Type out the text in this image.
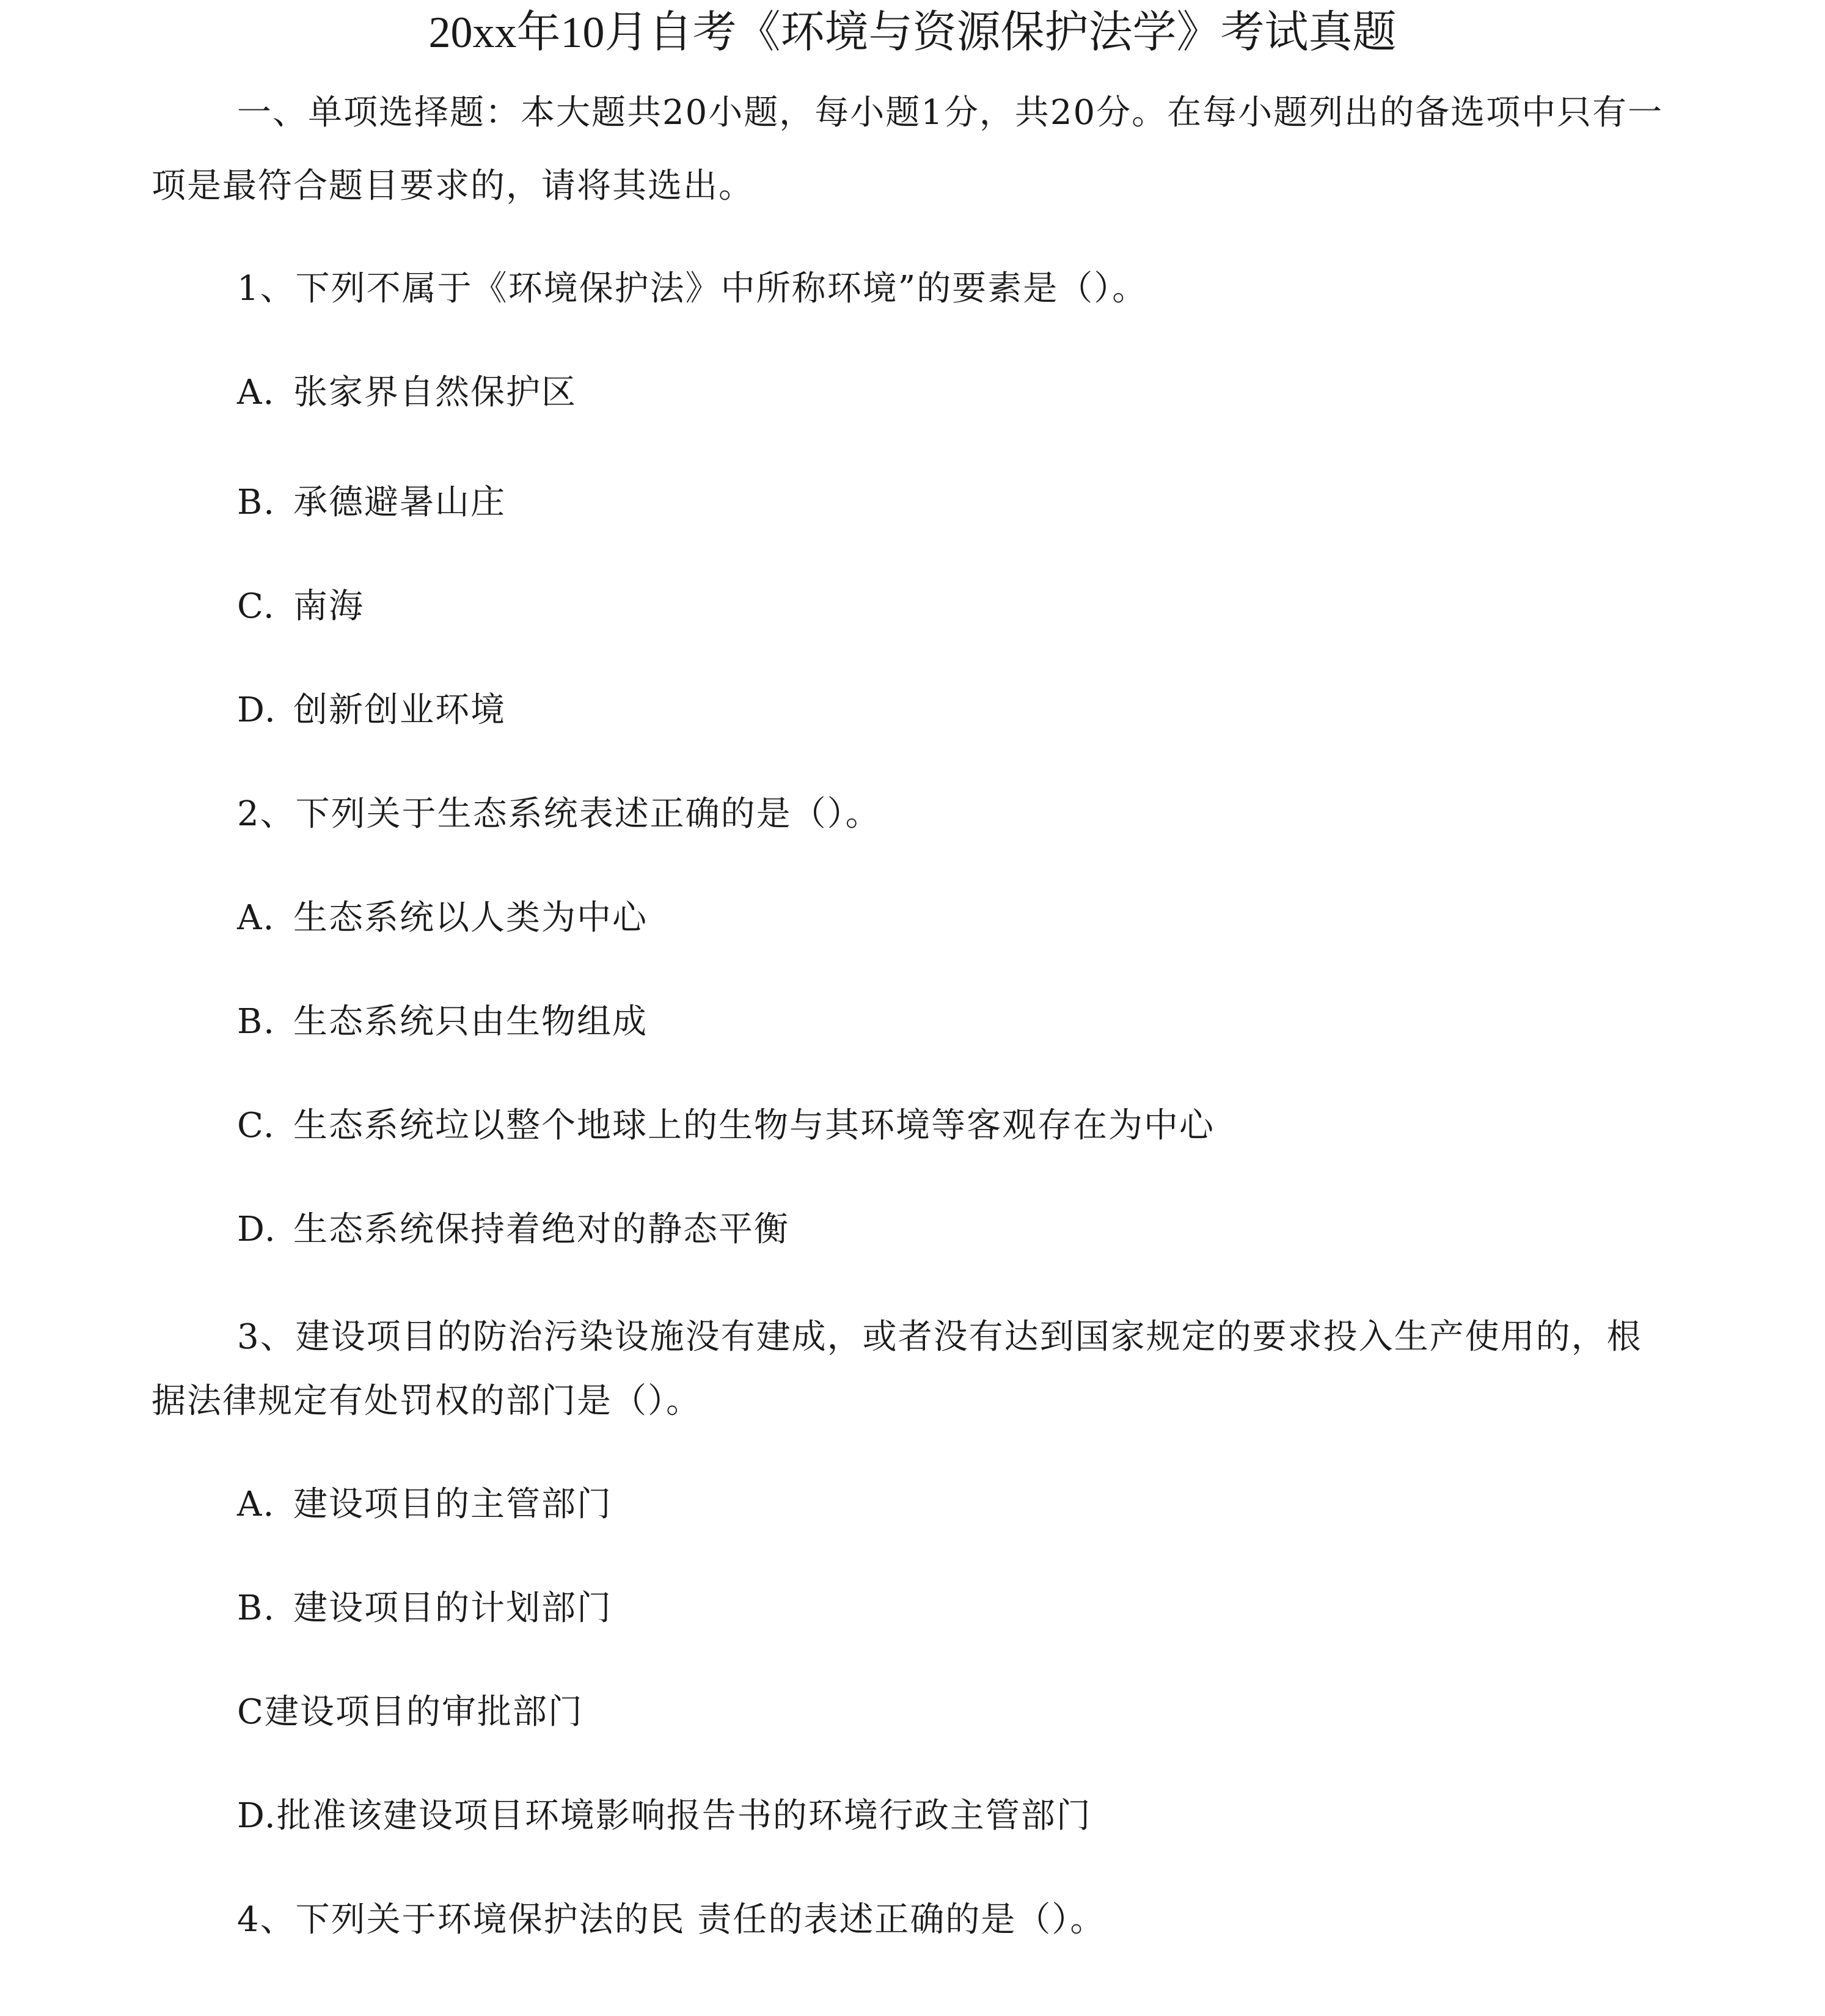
20xx年10月自考《环境与资源保护法学》考试真题
一、单项选择题：本大题共20小题，每小题1分，共20分。在每小题列出的备选项中只有一项是最符合题目要求的，请将其选出。
1、下列不属于《环境保护法》中所称环境”的要素是（）。
A. 张家界自然保护区
B. 承德避暑山庄
C. 南海
D. 创新创业环境
2、下列关于生态系统表述正确的是（）。
A. 生态系统以人类为中心
B. 生态系统只由生物组成
C. 生态系统垃以整个地球上的生物与其环境等客观存在为中心
D. 生态系统保持着绝对的静态平衡
3、建设项目的防治污染设施没有建成，或者没有达到国家规定的要求投入生产使用的，根据法律规定有处罚权的部门是（）。
A. 建设项目的主管部门
B. 建设项目的计划部门
C建设项目的审批部门
D.批准该建设项目环境影响报告书的环境行政主管部门
4、下列关于环境保护法的民 责任的表述正确的是（）。
